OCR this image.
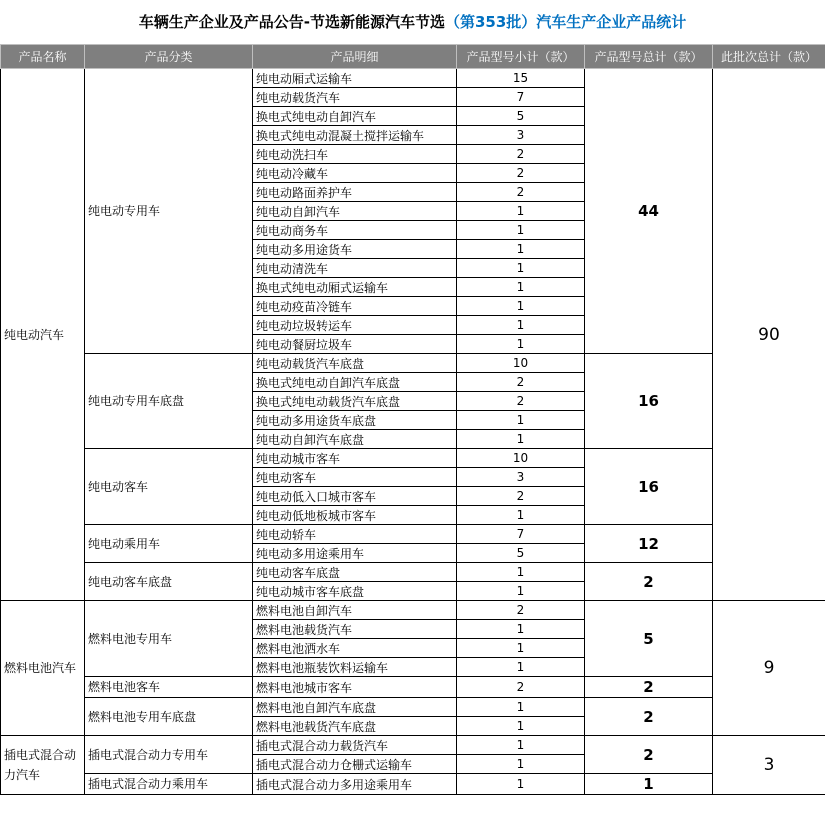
车辆生产企业及产品公告-节选新能源汽车节选（第353批）汽车生产企业产品统计
产品名称	产品分类	产品明细	产品型号小计（款）	产品型号总计（款）	此批次总计（款）
纯电动汽车	纯电动专用车	纯电动厢式运输车	15	44	90
		纯电动载货汽车	7		
		换电式纯电动自卸汽车	5		
		换电式纯电动混凝土搅拌运输车	3		
		纯电动洗扫车	2		
		纯电动冷藏车	2		
		纯电动路面养护车	2		
		纯电动自卸汽车	1		
		纯电动商务车	1		
		纯电动多用途货车	1		
		纯电动清洗车	1		
		换电式纯电动厢式运输车	1		
		纯电动疫苗冷链车	1		
		纯电动垃圾转运车	1		
		纯电动餐厨垃圾车	1		
	纯电动专用车底盘	纯电动载货汽车底盘	10	16	
		换电式纯电动自卸汽车底盘	2		
		换电式纯电动载货汽车底盘	2		
		纯电动多用途货车底盘	1		
		纯电动自卸汽车底盘	1		
	纯电动客车	纯电动城市客车	10	16	
		纯电动客车	3		
		纯电动低入口城市客车	2		
		纯电动低地板城市客车	1		
	纯电动乘用车	纯电动轿车	7	12	
		纯电动多用途乘用车	5		
	纯电动客车底盘	纯电动客车底盘	1	2	
		纯电动城市客车底盘	1		
燃料电池汽车	燃料电池专用车	燃料电池自卸汽车	2	5	9
		燃料电池载货汽车	1		
		燃料电池洒水车	1		
		燃料电池瓶装饮料运输车	1		
	燃料电池客车	燃料电池城市客车	2	2	
	燃料电池专用车底盘	燃料电池自卸汽车底盘	1	2	
		燃料电池载货汽车底盘	1		
插电式混合动力汽车	插电式混合动力专用车	插电式混合动力载货汽车	1	2	3
		插电式混合动力仓栅式运输车	1		
	插电式混合动力乘用车	插电式混合动力多用途乘用车	1	1	
